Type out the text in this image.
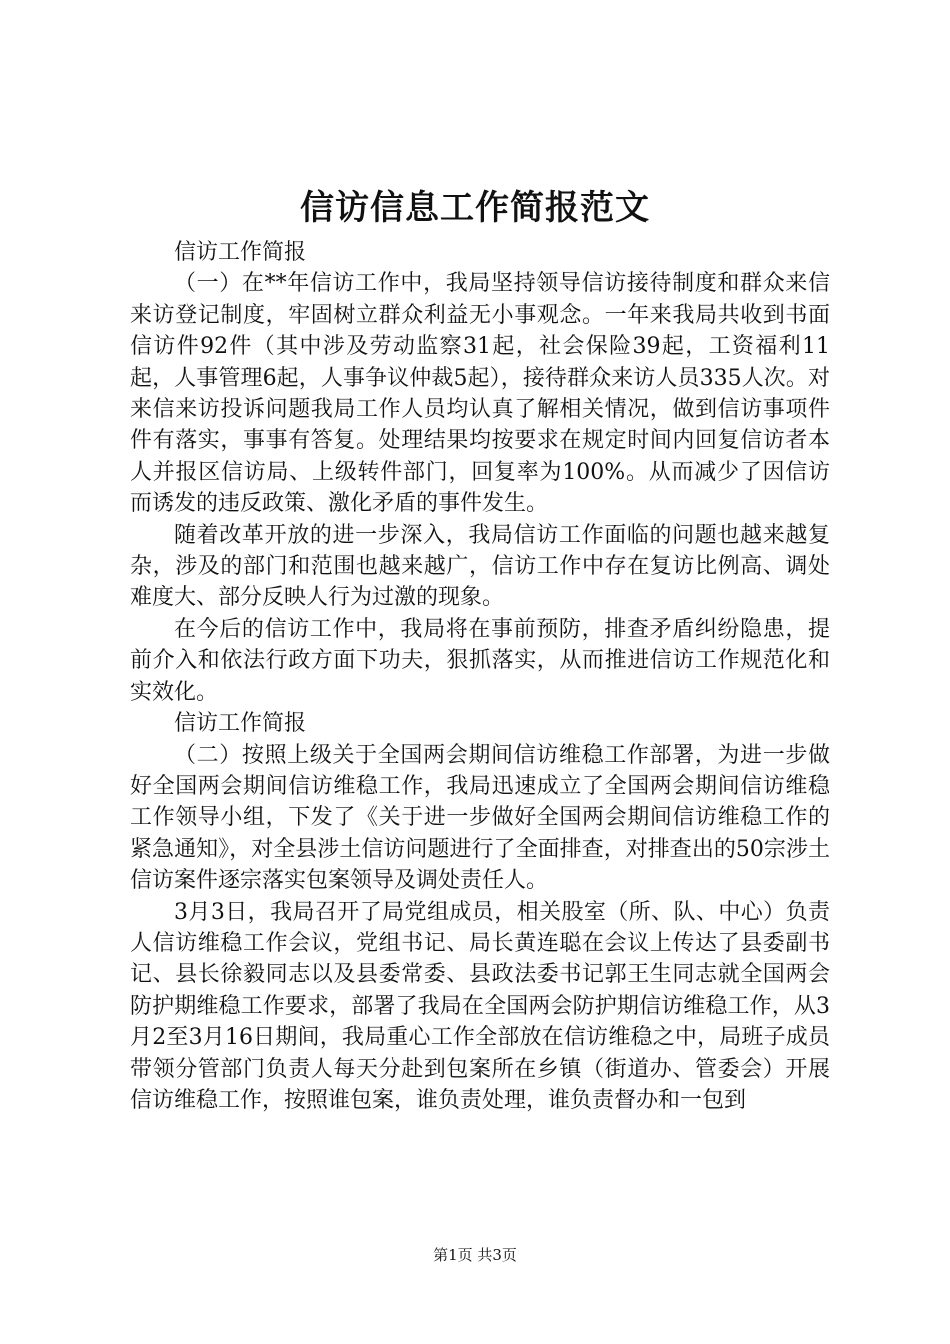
信访信息工作简报范文

信访工作简报

（一）在**年信访工作中，我局坚持领导信访接待制度和群众来信来访登记制度，牢固树立群众利益无小事观念。一年来我局共收到书面信访件92件（其中涉及劳动监察31起，社会保险39起，工资福利11起，人事管理6起，人事争议仲裁5起），接待群众来访人员335人次。对来信来访投诉问题我局工作人员均认真了解相关情况，做到信访事项件件有落实，事事有答复。处理结果均按要求在规定时间内回复信访者本人并报区信访局、上级转件部门，回复率为100%。从而减少了因信访而诱发的违反政策、激化矛盾的事件发生。

随着改革开放的进一步深入，我局信访工作面临的问题也越来越复杂，涉及的部门和范围也越来越广，信访工作中存在复访比例高、调处难度大、部分反映人行为过激的现象。

在今后的信访工作中，我局将在事前预防，排查矛盾纠纷隐患，提前介入和依法行政方面下功夫，狠抓落实，从而推进信访工作规范化和实效化。

信访工作简报

（二）按照上级关于全国两会期间信访维稳工作部署，为进一步做好全国两会期间信访维稳工作，我局迅速成立了全国两会期间信访维稳工作领导小组，下发了《关于进一步做好全国两会期间信访维稳工作的紧急通知》，对全县涉土信访问题进行了全面排查，对排查出的50宗涉土信访案件逐宗落实包案领导及调处责任人。

3月3日，我局召开了局党组成员，相关股室（所、队、中心）负责人信访维稳工作会议，党组书记、局长黄连聪在会议上传达了县委副书记、县长徐毅同志以及县委常委、县政法委书记郭王生同志就全国两会防护期维稳工作要求，部署了我局在全国两会防护期信访维稳工作，从3月2至3月16日期间，我局重心工作全部放在信访维稳之中，局班子成员带领分管部门负责人每天分赴到包案所在乡镇（街道办、管委会）开展信访维稳工作，按照谁包案，谁负责处理，谁负责督办和一包到

第1页 共3页
